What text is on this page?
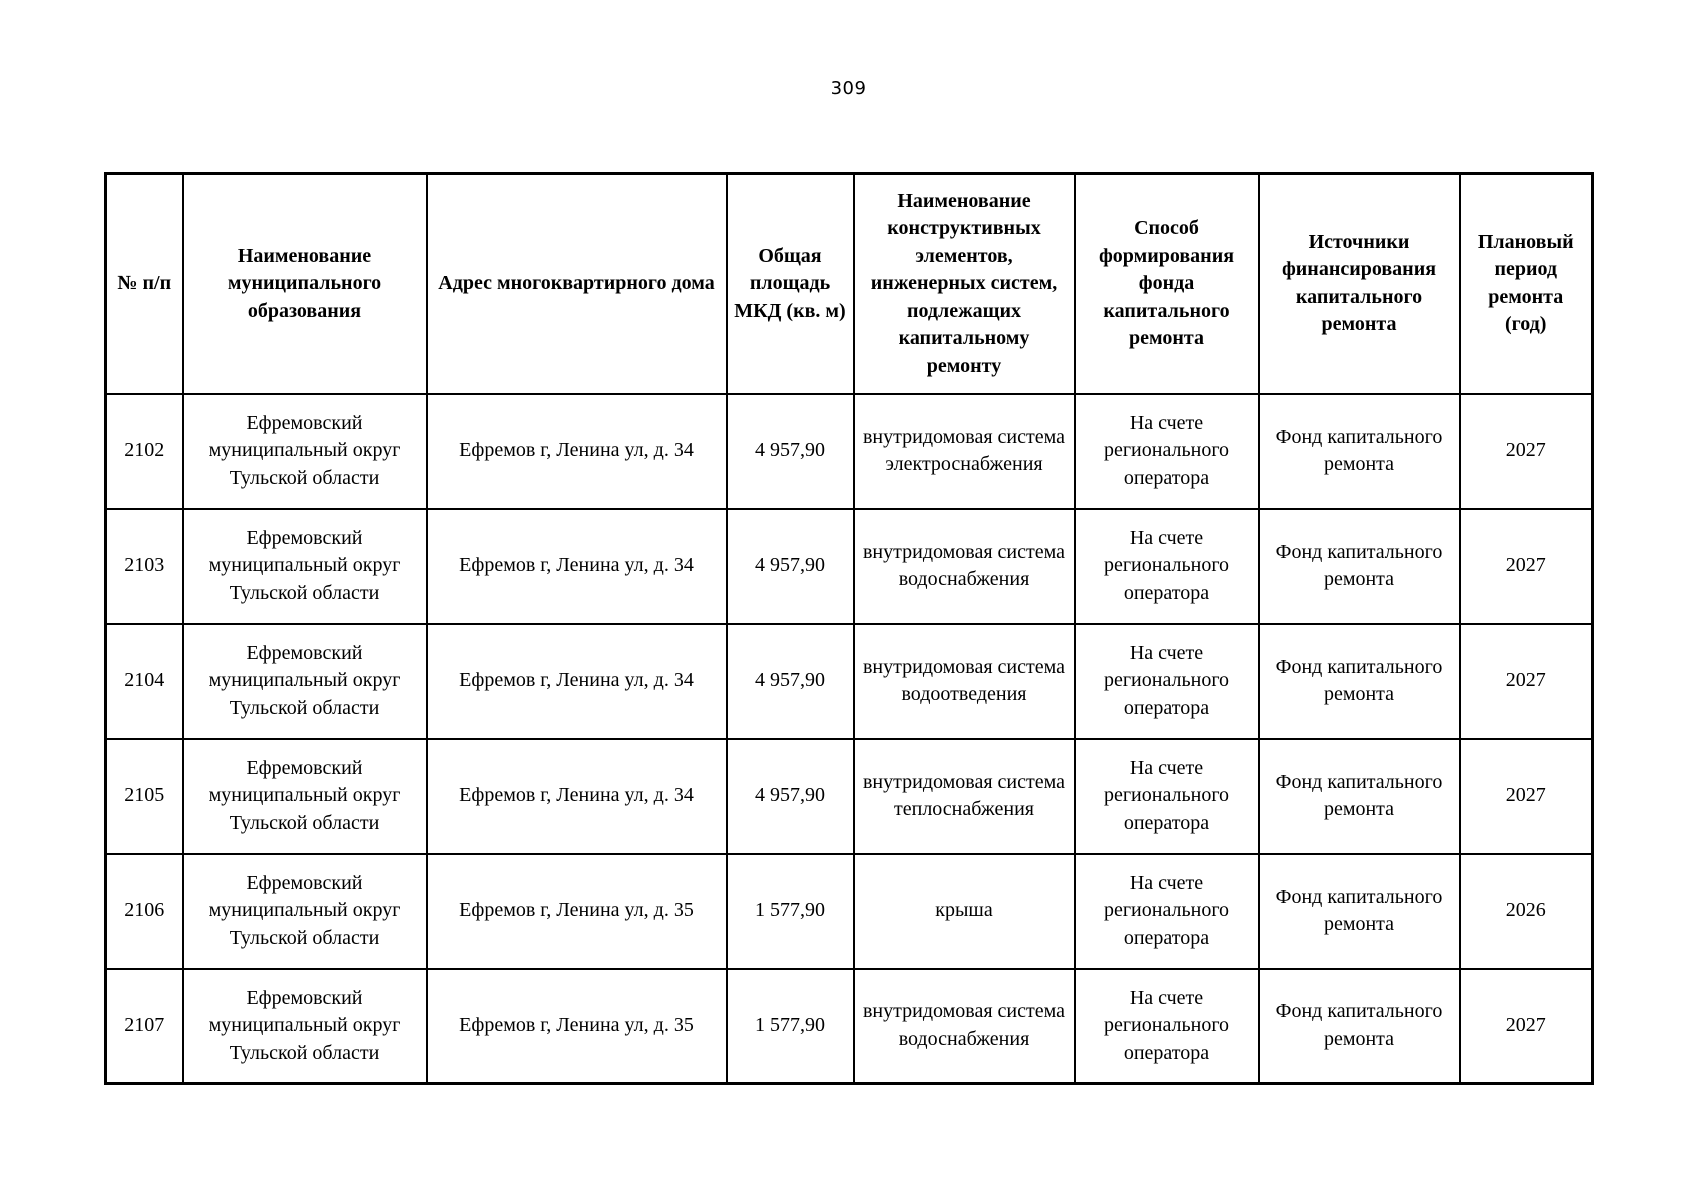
309
№ п/п	Наименование муниципального образования	Адрес многоквартирного дома	Общая площадь МКД (кв. м)	Наименование конструктивных элементов, инженерных систем, подлежащих капитальному ремонту	Способ формирования фонда капитального ремонта	Источники финансирования капитального ремонта	Плановый период ремонта (год)
2102	Ефремовский муниципальный округ Тульской области	Ефремов г, Ленина ул, д. 34	4 957,90	внутридомовая система электроснабжения	На счете регионального оператора	Фонд капитального ремонта	2027
2103	Ефремовский муниципальный округ Тульской области	Ефремов г, Ленина ул, д. 34	4 957,90	внутридомовая система водоснабжения	На счете регионального оператора	Фонд капитального ремонта	2027
2104	Ефремовский муниципальный округ Тульской области	Ефремов г, Ленина ул, д. 34	4 957,90	внутридомовая система водоотведения	На счете регионального оператора	Фонд капитального ремонта	2027
2105	Ефремовский муниципальный округ Тульской области	Ефремов г, Ленина ул, д. 34	4 957,90	внутридомовая система теплоснабжения	На счете регионального оператора	Фонд капитального ремонта	2027
2106	Ефремовский муниципальный округ Тульской области	Ефремов г, Ленина ул, д. 35	1 577,90	крыша	На счете регионального оператора	Фонд капитального ремонта	2026
2107	Ефремовский муниципальный округ Тульской области	Ефремов г, Ленина ул, д. 35	1 577,90	внутридомовая система водоснабжения	На счете регионального оператора	Фонд капитального ремонта	2027
